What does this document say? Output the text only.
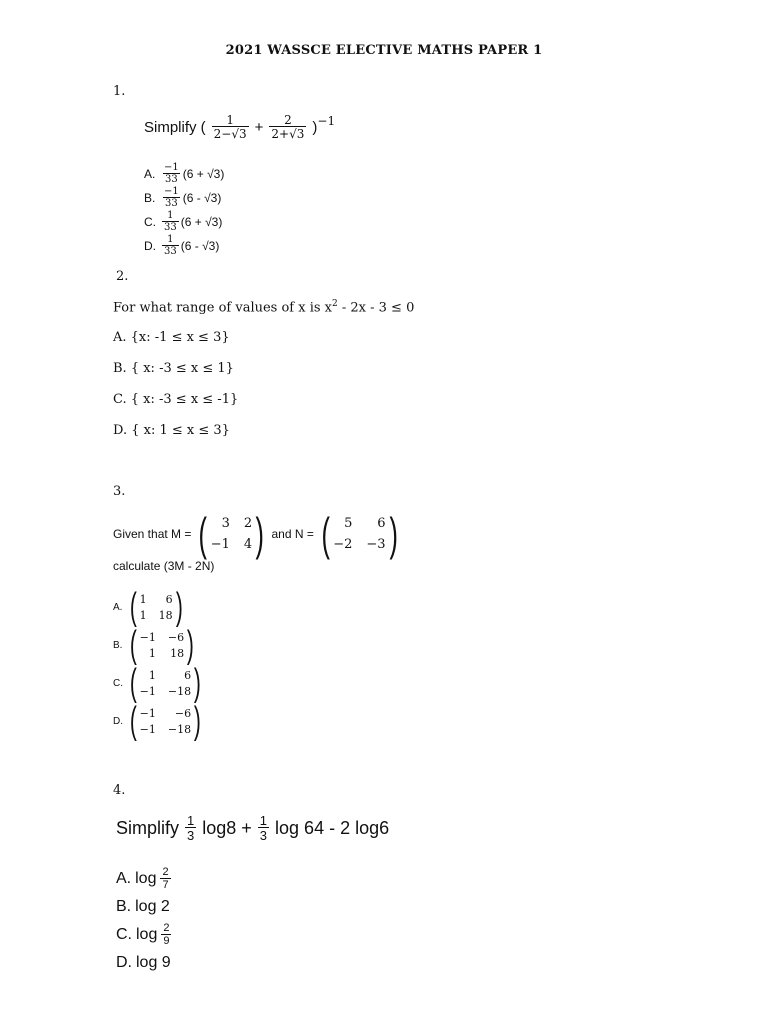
2021 WASSCE ELECTIVE MATHS PAPER 1
1.
Simplify ( $\frac{1}{2-√3} + \frac{2}{2+√3} )^{-1}$
A. $\frac{-1}{33} (6 + √3)$
B. $\frac{-1}{33} (6 - √3)$
C. $\frac{1}{33} (6 + √3)$
D. $\frac{1}{33} (6 - √3)$
2.
For what range of values of x is $x^2 - 2x - 3 \le 0$
A. {x: -1 ≤ x ≤ 3}
B. { x: -3 ≤ x ≤ 1}
C. { x: -3 ≤ x ≤ -1}
D. { x: 1 ≤ x ≤ 3}
3.
Given that M = (	3 2
−1 4 ) and N = (	5	6
−2 −3 )
calculate (3M - 2N)
A. ( 1	6
1 18 )
B. ( −1 −6
1 18 )
C. (	1	6
−1 −18 )
D. ( −1	−6
−1 −18 )
4.
Simplify $\frac{1}{3} \log 8 + \frac{1}{3}$ log 64 - 2 log6
A. $\log \frac{2}{7}$
B. log 2
C. $\log \frac{2}{9}$
D. log 9
